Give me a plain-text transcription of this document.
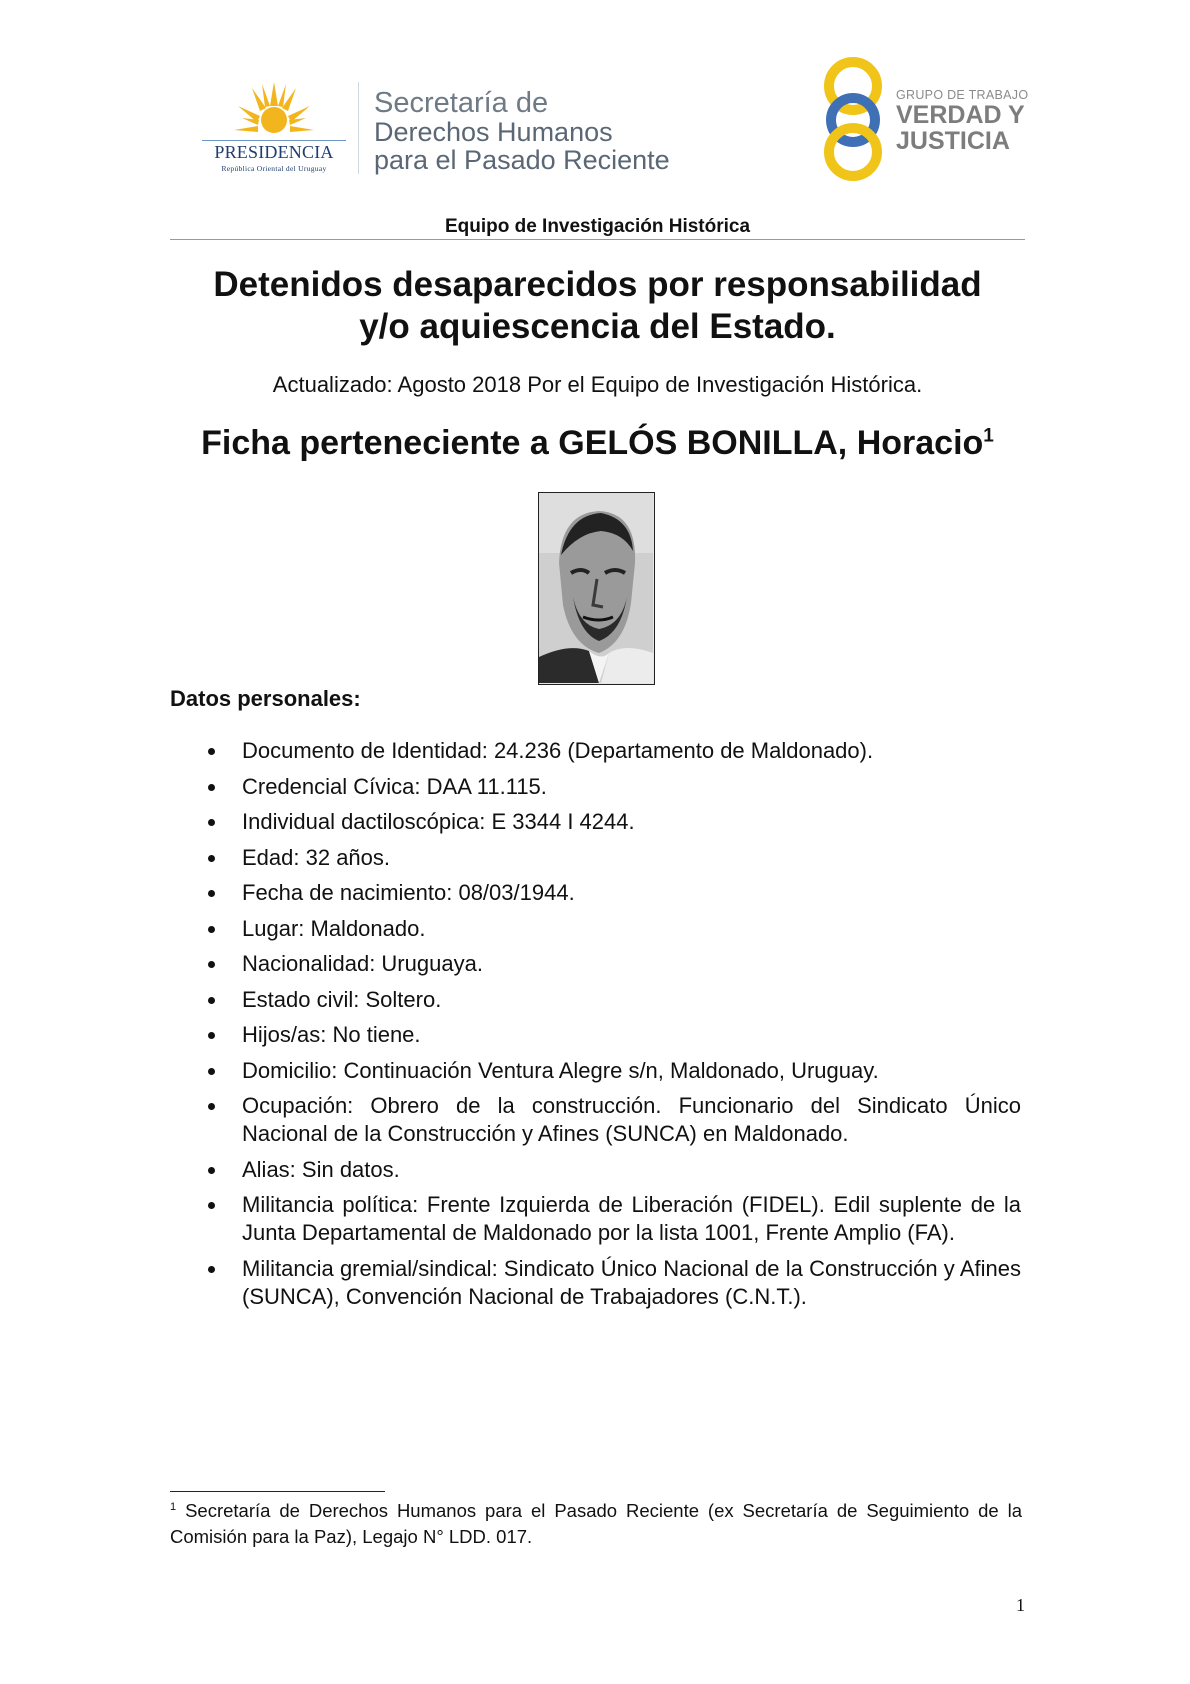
PRESIDENCIA
República Oriental del Uruguay
Secretaría de
Derechos Humanos
para el Pasado Reciente
GRUPO DE TRABAJO
VERDAD Y
JUSTICIA
Equipo de Investigación Histórica
Detenidos desaparecidos por responsabilidad
y/o aquiescencia del Estado.
Actualizado: Agosto 2018 Por el Equipo de Investigación Histórica.
Ficha perteneciente a GELÓS BONILLA, Horacio$^1$
Datos personales:
Documento de Identidad: 24.236 (Departamento de Maldonado).
Credencial Cívica: DAA 11.115.
Individual dactiloscópica: E 3344 I 4244.
Edad: 32 años.
Fecha de nacimiento: 08/03/1944.
Lugar: Maldonado.
Nacionalidad: Uruguaya.
Estado civil: Soltero.
Hijos/as: No tiene.
Domicilio: Continuación Ventura Alegre s/n, Maldonado, Uruguay.
Ocupación: Obrero de la construcción. Funcionario del Sindicato Único Nacional de la Construcción y Afines (SUNCA) en Maldonado.
Alias: Sin datos.
Militancia política: Frente Izquierda de Liberación (FIDEL). Edil suplente de la Junta Departamental de Maldonado por la lista 1001, Frente Amplio (FA).
Militancia gremial/sindical: Sindicato Único Nacional de la Construcción y Afines (SUNCA), Convención Nacional de Trabajadores (C.N.T.).
$^1$ Secretaría de Derechos Humanos para el Pasado Reciente (ex Secretaría de Seguimiento de la Comisión para la Paz), Legajo N° LDD. 017.
1
